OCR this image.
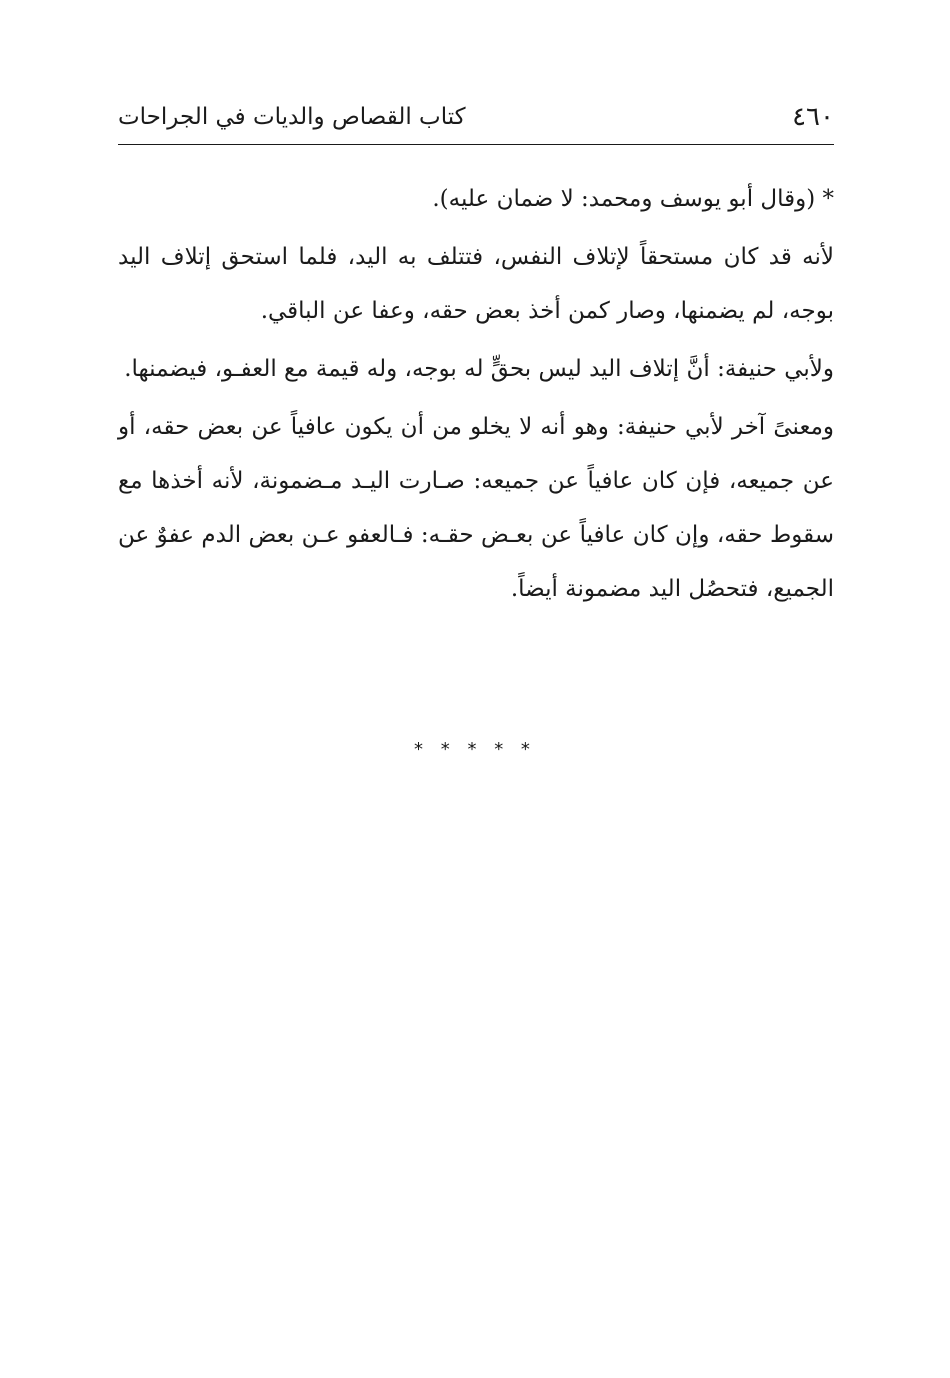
٤٦٠
كتاب القصاص والديات في الجراحات

* (وقال أبو يوسف ومحمد: لا ضمان عليه).

لأنه قد كان مستحقاً لإتلاف النفس، فتتلف به اليد، فلما استحق إتلاف اليد بوجه، لم يضمنها، وصار كمن أخذ بعض حقه، وعفا عن الباقي.

ولأبي حنيفة: أنَّ إتلاف اليد ليس بحقٍّ له بوجه، وله قيمة مع العفـو، فيضمنها.

ومعنىً آخر لأبي حنيفة: وهو أنه لا يخلو من أن يكون عافياً عن بعض حقه، أو عن جميعه، فإن كان عافياً عن جميعه: صـارت اليـد مـضمونة، لأنه أخذها مع سقوط حقه، وإن كان عافياً عن بعـض حقـه: فـالعفو عـن بعض الدم عفوٌ عن الجميع، فتحصُل اليد مضمونة أيضاً.

* * * * *
